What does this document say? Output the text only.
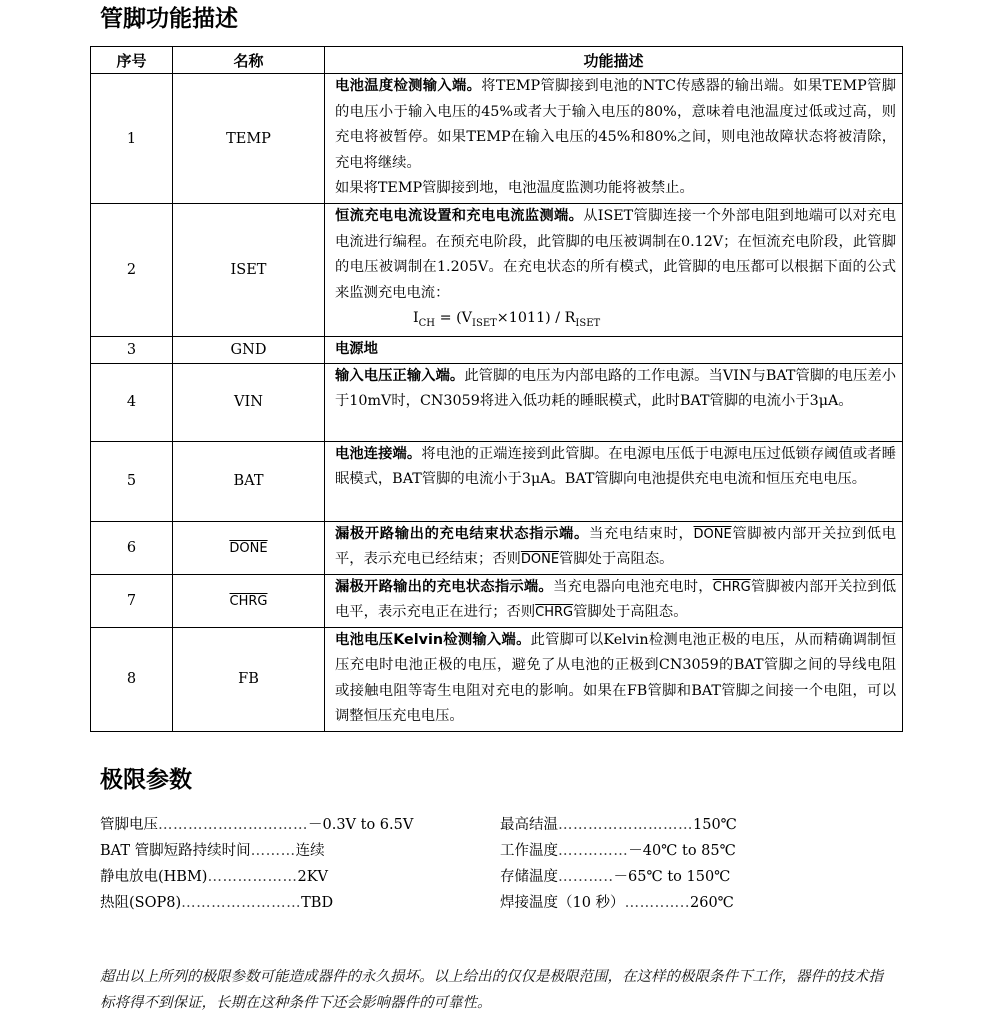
管脚功能描述
序号	名称	功能描述
1	TEMP	电池温度检测输入端。将TEMP管脚接到电池的NTC传感器的输出端。如果TEMP管脚的电压小于输入电压的45%或者大于输入电压的80%，意味着电池温度过低或过高，则充电将被暂停。如果TEMP在输入电压的45%和80%之间，则电池故障状态将被清除，充电将继续。
如果将TEMP管脚接到地，电池温度监测功能将被禁止。
2	ISET	恒流充电电流设置和充电电流监测端。从ISET管脚连接一个外部电阻到地端可以对充电电流进行编程。在预充电阶段，此管脚的电压被调制在0.12V；在恒流充电阶段，此管脚的电压被调制在1.205V。在充电状态的所有模式，此管脚的电压都可以根据下面的公式来监测充电电流：
$I_{CH} = (V_{ISET}\times 1011) / R_{ISET}$

3	GND	电源地
4	VIN	输入电压正输入端。此管脚的电压为内部电路的工作电源。当VIN与BAT管脚的电压差小于10mV时，CN3059将进入低功耗的睡眠模式，此时BAT管脚的电流小于3μA。
5	BAT	电池连接端。将电池的正端连接到此管脚。在电源电压低于电源电压过低锁存阈值或者睡眠模式，BAT管脚的电流小于3μA。BAT管脚向电池提供充电电流和恒压充电电压。
6	DONE	漏极开路输出的充电结束状态指示端。当充电结束时，DONE管脚被内部开关拉到低电平，表示充电已经结束；否则DONE管脚处于高阻态。
7	CHRG	漏极开路输出的充电状态指示端。当充电器向电池充电时，CHRG管脚被内部开关拉到低电平，表示充电正在进行；否则CHRG管脚处于高阻态。
8	FB	电池电压Kelvin检测输入端。此管脚可以Kelvin检测电池正极的电压，从而精确调制恒压充电时电池正极的电压，避免了从电池的正极到CN3059的BAT管脚之间的导线电阻或接触电阻等寄生电阻对充电的影响。如果在FB管脚和BAT管脚之间接一个电阻，可以调整恒压充电电压。
极限参数
管脚电压…………………………－0.3V to 6.5V	最高结温………………………150℃
BAT 管脚短路持续时间………连续	工作温度…..………－40℃ to 85℃
静电放电(HBM)………………2KV	存储温度…...…..－65℃ to 150℃
热阻(SOP8)……………………TBD	焊接温度（10 秒）……..…..260℃
超出以上所列的极限参数可能造成器件的永久损坏。以上给出的仅仅是极限范围，在这样的极限条件下工作，器件的技术指标将得不到保证，长期在这种条件下还会影响器件的可靠性。
